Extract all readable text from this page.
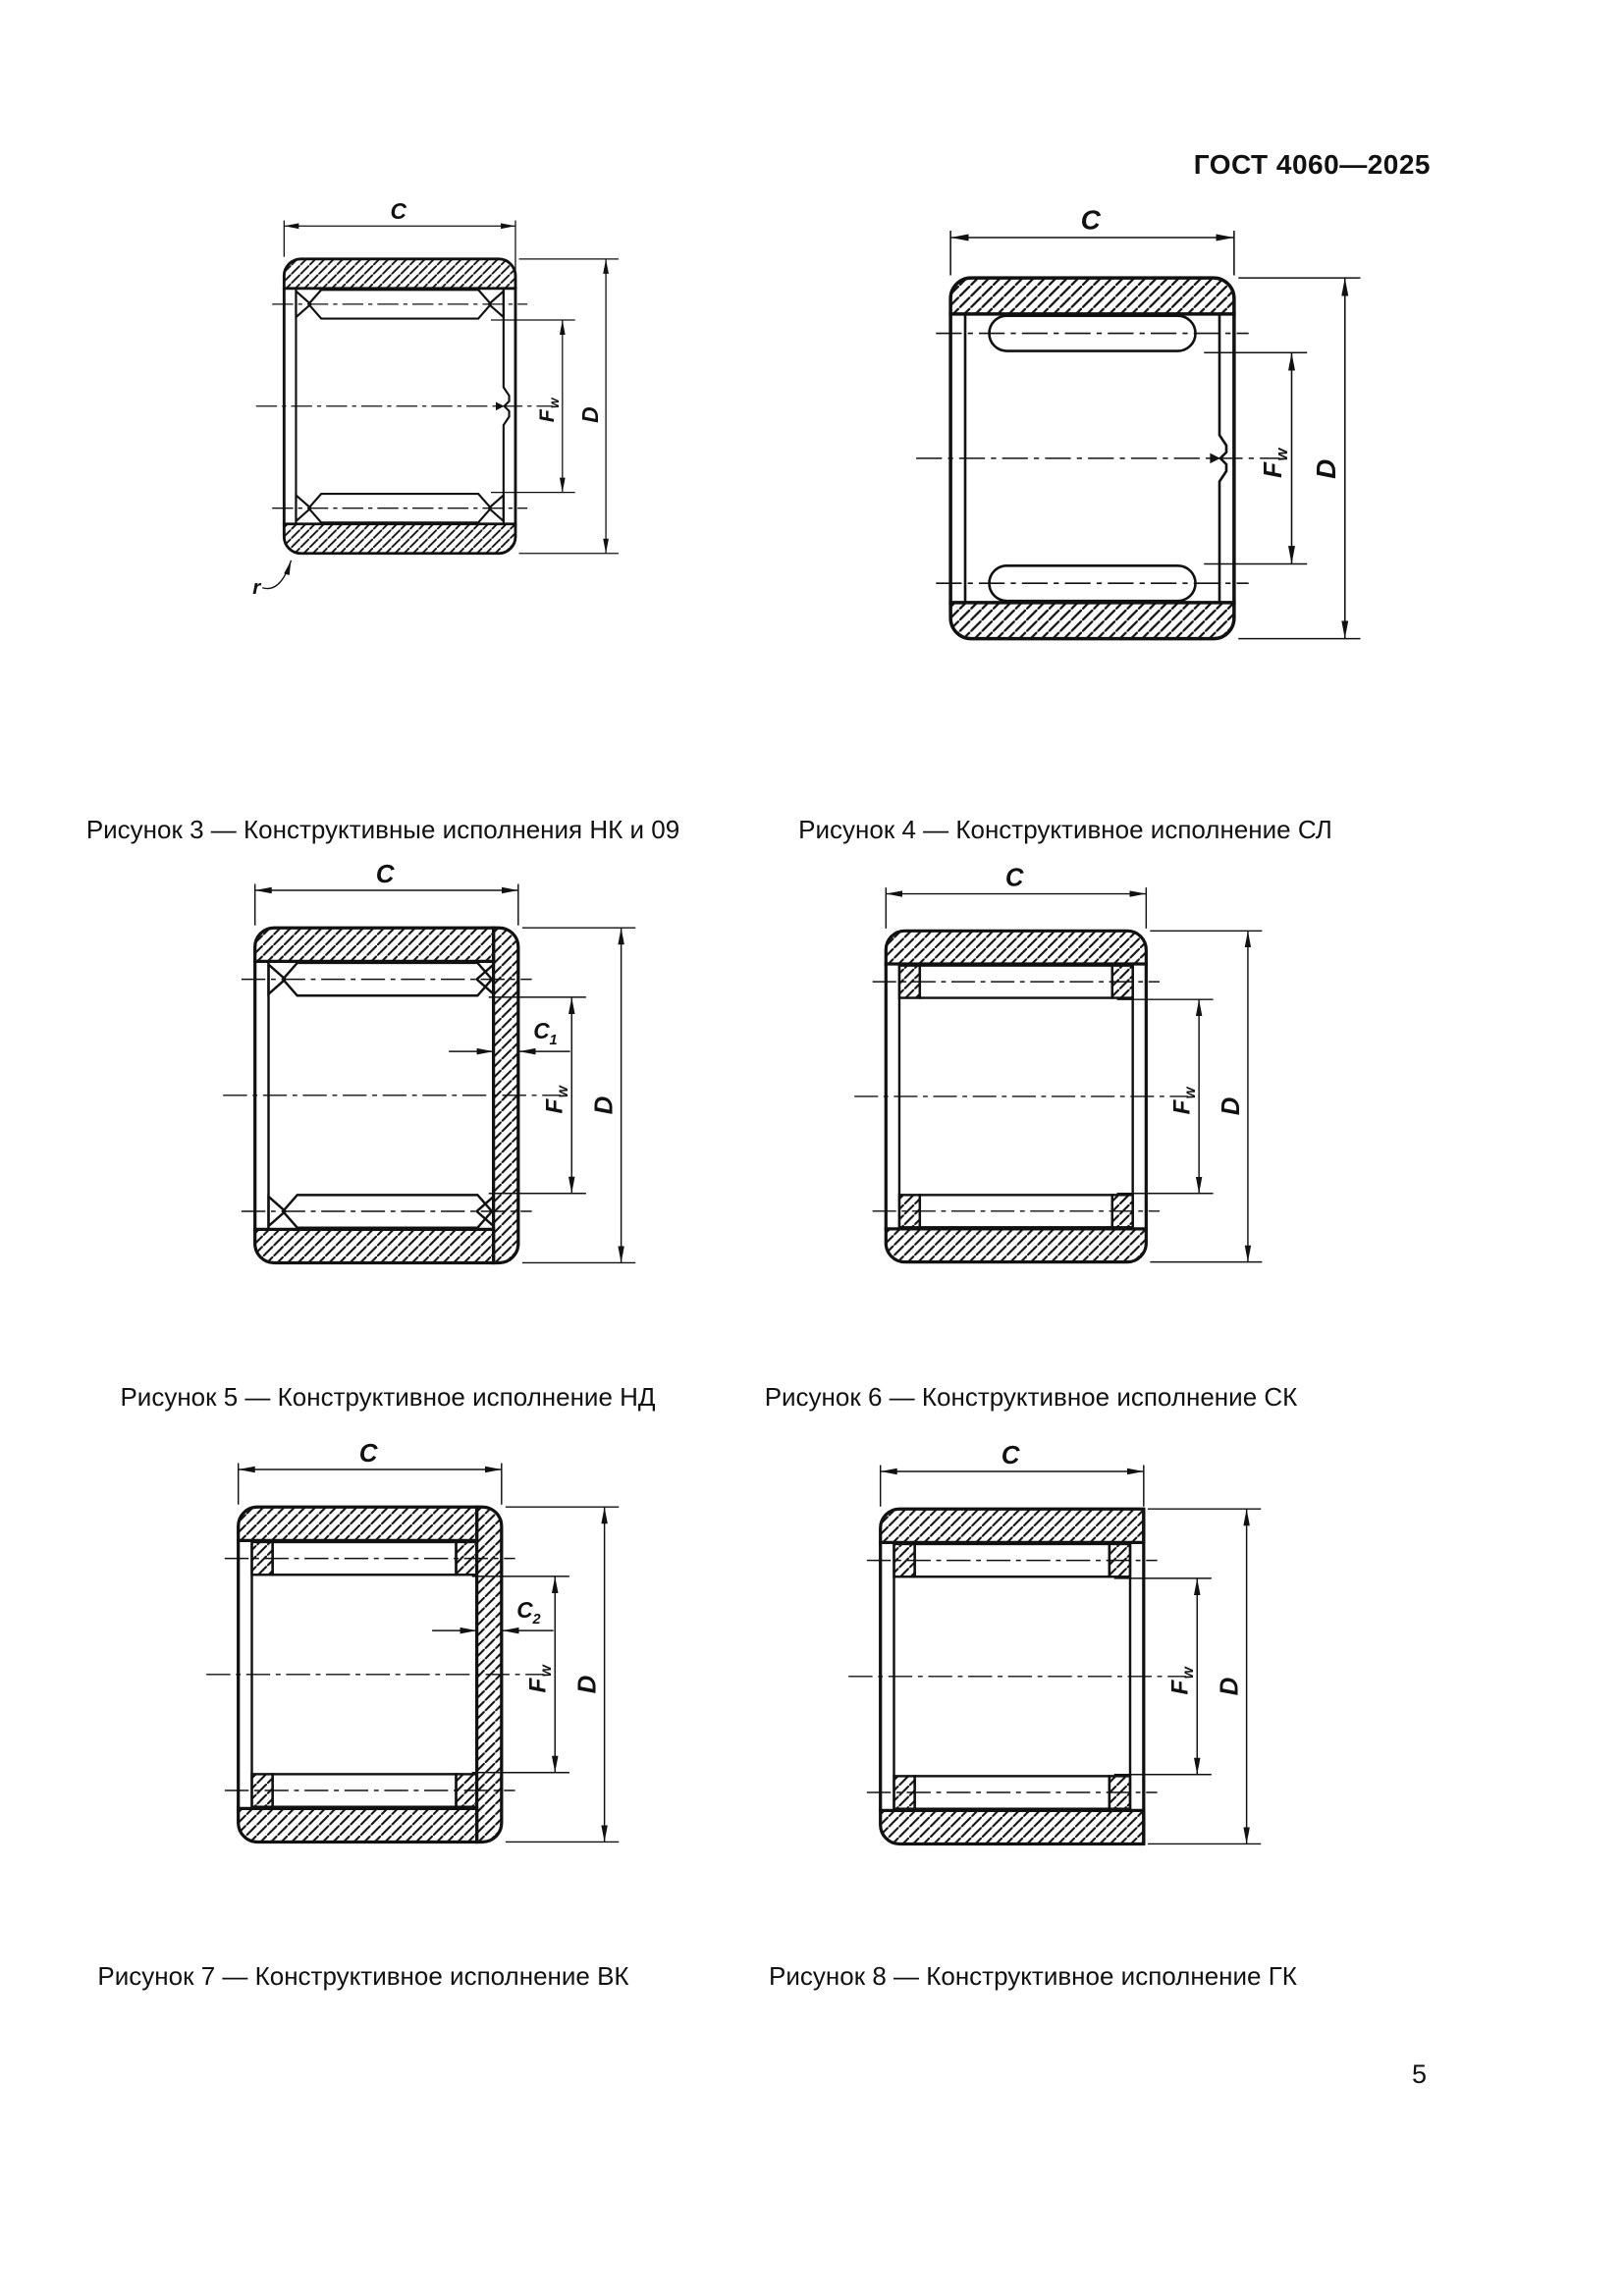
ГОСТ 4060—2025
C
F
w
D
r
C
F
w
D
C
C 1
F
w
D
C
F
w
D
C
C 2
F
w
D
C
F
w
D
Рисунок 3 — Конструктивные исполнения НК и 09	Рисунок 4 — Конструктивное исполнение СЛ
Рисунок 5 — Конструктивное исполнение НД	Рисунок 6 — Конструктивное исполнение СК
Рисунок 7 — Конструктивное исполнение ВК	Рисунок 8 — Конструктивное исполнение ГК
5
